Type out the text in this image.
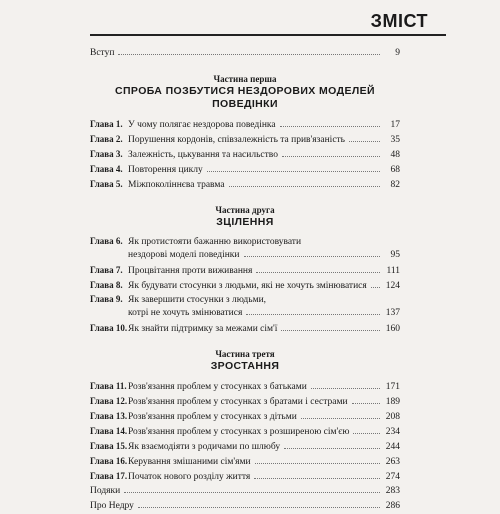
ЗМІСТ
Вступ	9
Частина перша
СПРОБА ПОЗБУТИСЯ НЕЗДОРОВИХ МОДЕЛЕЙ ПОВЕДІНКИ
Глава 1. У чому полягає нездорова поведінка	17
Глава 2. Порушення кордонів, співзалежність та прив'язаність	35
Глава 3. Залежність, цькування та насильство	48
Глава 4. Повторення циклу	68
Глава 5. Міжпоколіннєва травма	82
Частина друга
ЗЦІЛЕННЯ
Глава 6. Як протистояти бажанню використовувати
нездорові моделі поведінки	95
Глава 7. Процвітання проти виживання	111
Глава 8. Як будувати стосунки з людьми, які не хочуть змінюватися	124
Глава 9. Як завершити стосунки з людьми,
котрі не хочуть змінюватися	137
Глава 10. Як знайти підтримку за межами сім'ї	160
Частина третя
ЗРОСТАННЯ
Глава 11. Розв'язання проблем у стосунках з батьками	171
Глава 12. Розв'язання проблем у стосунках з братами і сестрами	189
Глава 13. Розв'язання проблем у стосунках з дітьми	208
Глава 14. Розв'язання проблем у стосунках з розширеною сім'єю	234
Глава 15. Як взаємодіяти з родичами по шлюбу	244
Глава 16. Керування змішаними сім'ями	263
Глава 17. Початок нового розділу життя	274
Подяки	283
Про Недру	286
